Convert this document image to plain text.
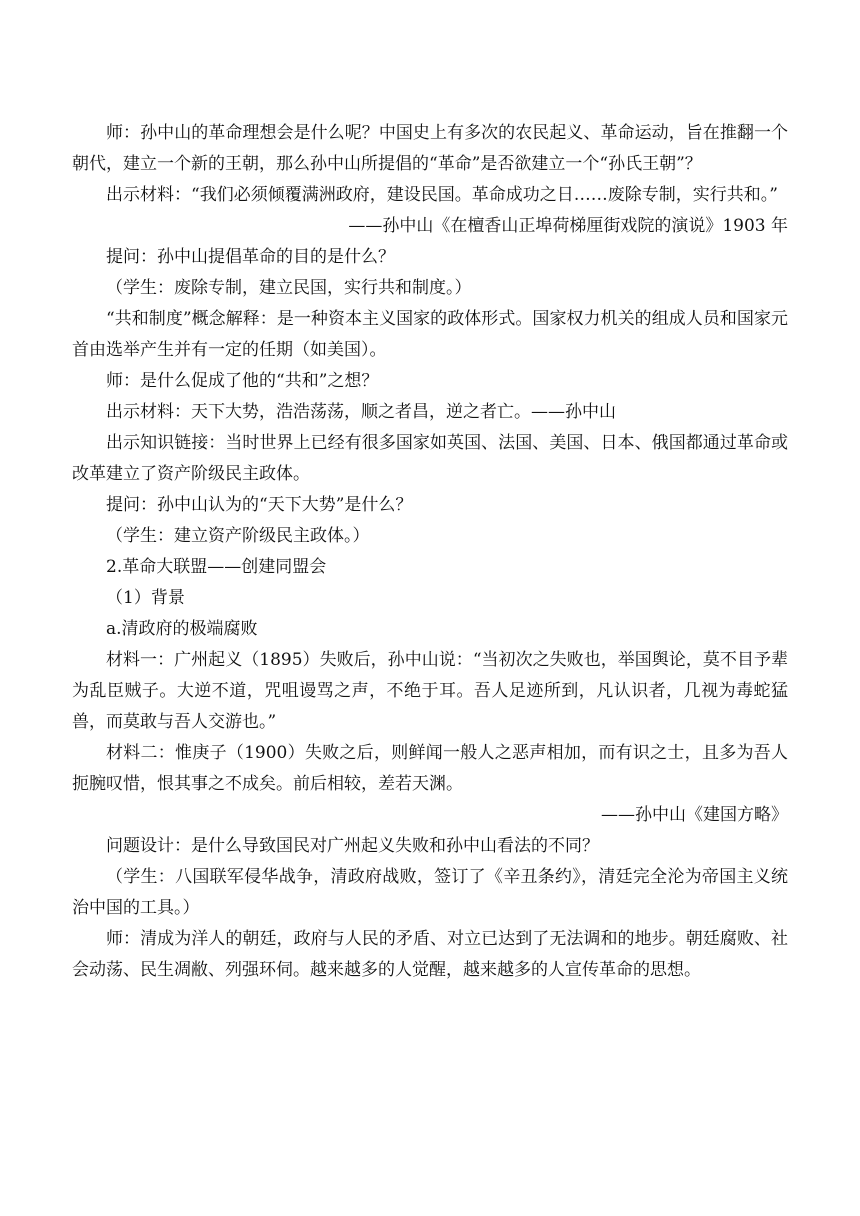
师：孙中山的革命理想会是什么呢？中国史上有多次的农民起义、革命运动，旨在推翻一个朝代，建立一个新的王朝，那么孙中山所提倡的“革命”是否欲建立一个“孙氏王朝”？

出示材料：“我们必须倾覆满洲政府，建设民国。革命成功之日……废除专制，实行共和。”

——孙中山《在檀香山正埠荷梯厘街戏院的演说》1903 年

提问：孙中山提倡革命的目的是什么？

（学生：废除专制，建立民国，实行共和制度。）

“共和制度”概念解释：是一种资本主义国家的政体形式。国家权力机关的组成人员和国家元首由选举产生并有一定的任期（如美国）。

师：是什么促成了他的“共和”之想？

出示材料：天下大势，浩浩荡荡，顺之者昌，逆之者亡。——孙中山

出示知识链接：当时世界上已经有很多国家如英国、法国、美国、日本、俄国都通过革命或改革建立了资产阶级民主政体。

提问：孙中山认为的“天下大势”是什么？

（学生：建立资产阶级民主政体。）

2.革命大联盟——创建同盟会

（1）背景

a.清政府的极端腐败

材料一：广州起义（1895）失败后，孙中山说：“当初次之失败也，举国舆论，莫不目予辈为乱臣贼子。大逆不道，咒咀谩骂之声，不绝于耳。吾人足迹所到，凡认识者，几视为毒蛇猛兽，而莫敢与吾人交游也。”

材料二：惟庚子（1900）失败之后，则鲜闻一般人之恶声相加，而有识之士，且多为吾人扼腕叹惜，恨其事之不成矣。前后相较，差若天渊。

——孙中山《建国方略》

问题设计：是什么导致国民对广州起义失败和孙中山看法的不同？

（学生：八国联军侵华战争，清政府战败，签订了《辛丑条约》，清廷完全沦为帝国主义统治中国的工具。）

师：清成为洋人的朝廷，政府与人民的矛盾、对立已达到了无法调和的地步。朝廷腐败、社会动荡、民生凋敝、列强环伺。越来越多的人觉醒，越来越多的人宣传革命的思想。
